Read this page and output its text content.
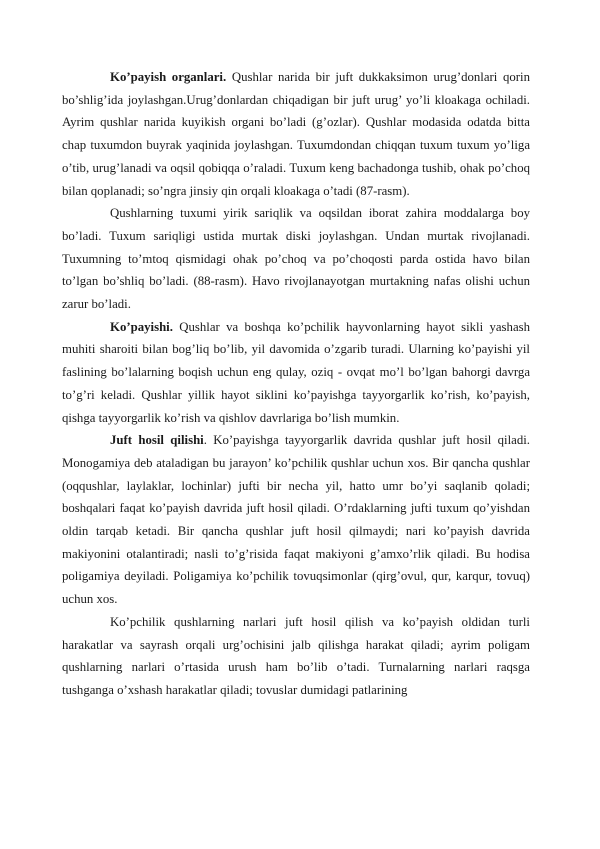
Ko’payish organlari. Qushlar narida bir juft dukkaksimon urug’donlari qorin bo’shlig’ida joylashgan.Urug’donlardan chiqadigan bir juft urug’ yo’li kloakaga ochiladi. Ayrim qushlar narida kuyikish organi bo’ladi (g’ozlar). Qushlar modasida odatda bitta chap tuxumdon buyrak yaqinida joylashgan. Tuxumdondan chiqqan tuxum tuxum yo’liga o’tib, urug’lanadi va oqsil qobiqqa o’raladi. Tuxum keng bachadonga tushib, ohak po’choq bilan qoplanadi; so’ngra jinsiy qin orqali kloakaga o’tadi (87-rasm).

Qushlarning tuxumi yirik sariqlik va oqsildan iborat zahira moddalarga boy bo’ladi. Tuxum sariqligi ustida murtak diski joylashgan. Undan murtak rivojlanadi. Tuxumning to’mtoq qismidagi ohak po’choq va po’choqosti parda ostida havo bilan to’lgan bo’shliq bo’ladi. (88-rasm). Havo rivojlanayotgan murtakning nafas olishi uchun zarur bo’ladi.

Ko’payishi. Qushlar va boshqa ko’pchilik hayvonlarning hayot sikli yashash muhiti sharoiti bilan bog’liq bo’lib, yil davomida o’zgarib turadi. Ularning ko’payishi yil faslining bo’lalarning boqish uchun eng qulay, oziq - ovqat mo’l bo’lgan bahorgi davrga to’g’ri keladi. Qushlar yillik hayot siklini ko’payishga tayyorgarlik ko’rish, ko’payish, qishga tayyorgarlik ko’rish va qishlov davrlariga bo’lish mumkin.

Juft hosil qilishi. Ko’payishga tayyorgarlik davrida qushlar juft hosil qiladi. Monogamiya deb ataladigan bu jarayon’ ko’pchilik qushlar uchun xos. Bir qancha qushlar (oqqushlar, laylaklar, lochinlar) jufti bir necha yil, hatto umr bo’yi saqlanib qoladi; boshqalari faqat ko’payish davrida juft hosil qiladi. O’rdaklarning jufti tuxum qo’yishdan oldin tarqab ketadi. Bir qancha qushlar juft hosil qilmaydi; nari ko’payish davrida makiyonini otalantiradi; nasli to’g’risida faqat makiyoni g’amxo’rlik qiladi. Bu hodisa poligamiya deyiladi. Poligamiya ko’pchilik tovuqsimonlar (qirg’ovul, qur, karqur, tovuq) uchun xos.

Ko’pchilik qushlarning narlari juft hosil qilish va ko’payish oldidan turli harakatlar va sayrash orqali urg’ochisini jalb qilishga harakat qiladi; ayrim poligam qushlarning narlari o’rtasida urush ham bo’lib o’tadi. Turnalarning narlari raqsga tushganga o’xshash harakatlar qiladi; tovuslar dumidagi patlarining
